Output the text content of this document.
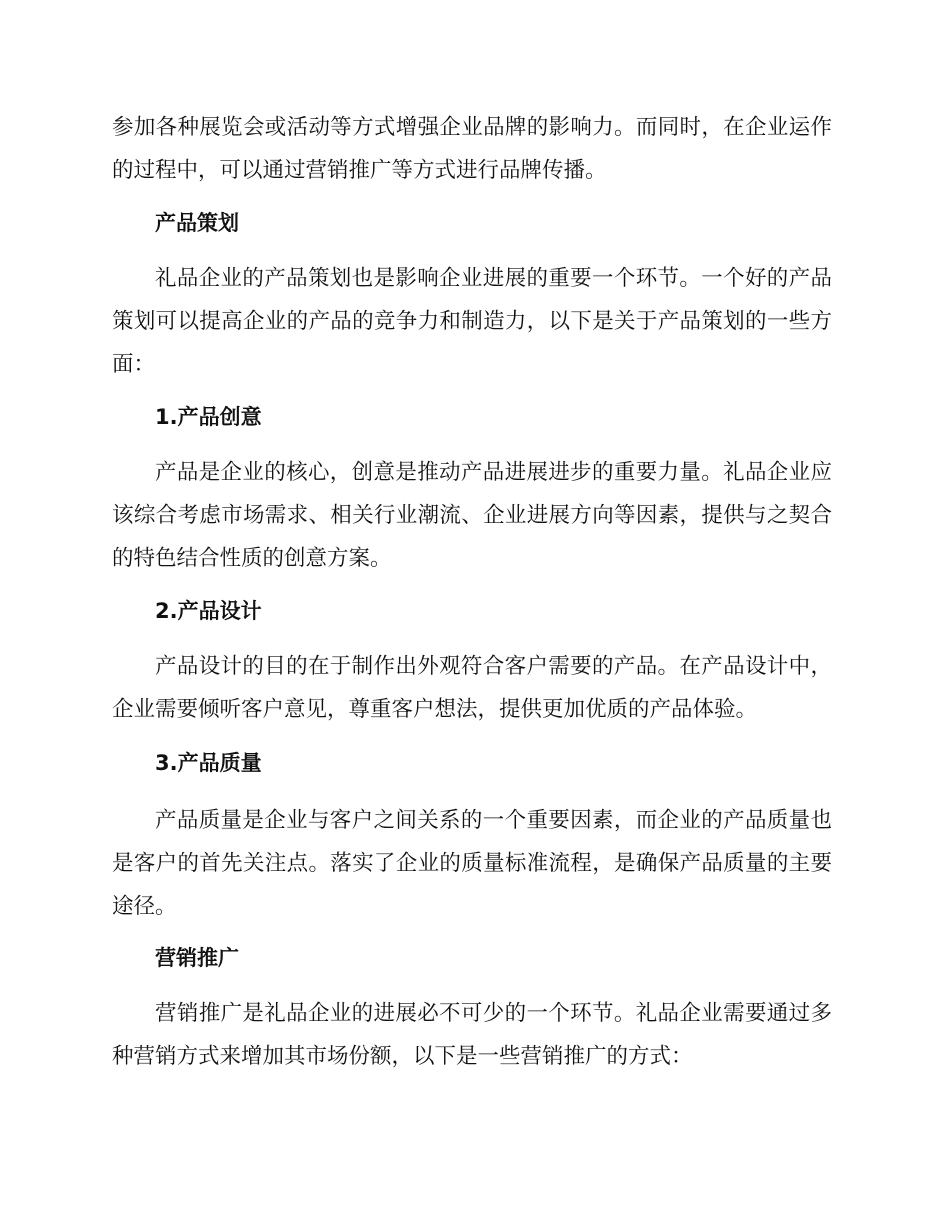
参加各种展览会或活动等方式增强企业品牌的影响力。而同时，在企业运作的过程中，可以通过营销推广等方式进行品牌传播。

产品策划

礼品企业的产品策划也是影响企业进展的重要一个环节。一个好的产品策划可以提高企业的产品的竞争力和制造力，以下是关于产品策划的一些方面：

1.产品创意

产品是企业的核心，创意是推动产品进展进步的重要力量。礼品企业应该综合考虑市场需求、相关行业潮流、企业进展方向等因素，提供与之契合的特色结合性质的创意方案。

2.产品设计

产品设计的目的在于制作出外观符合客户需要的产品。在产品设计中，企业需要倾听客户意见，尊重客户想法，提供更加优质的产品体验。

3.产品质量

产品质量是企业与客户之间关系的一个重要因素，而企业的产品质量也是客户的首先关注点。落实了企业的质量标准流程，是确保产品质量的主要途径。

营销推广

营销推广是礼品企业的进展必不可少的一个环节。礼品企业需要通过多种营销方式来增加其市场份额，以下是一些营销推广的方式：
